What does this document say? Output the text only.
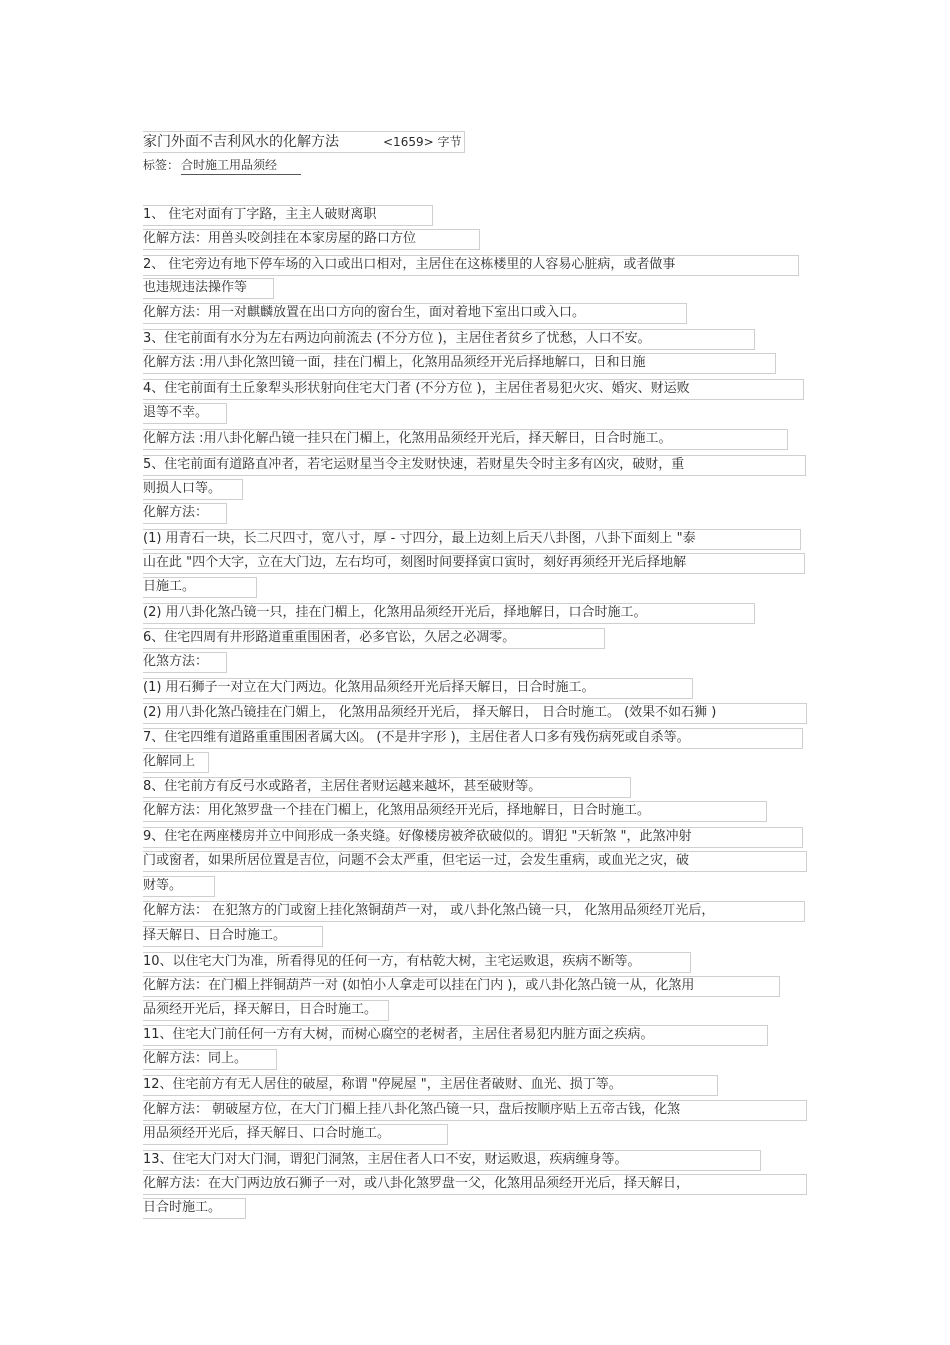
家门外面不吉利风水的化解方法	<1659> 字节
标签： 合时施工用品须经
1、 住宅对面有丁字路，主主人破财离职
化解方法：用兽头咬剑挂在本家房屋的路口方位
2、 住宅旁边有地下停车场的入口或出口相对，主居住在这栋楼里的人容易心脏病，或者做事
也违规违法操作等
化解方法：用一对麒麟放置在出口方向的窗台生，面对着地下室出口或入口。
3、住宅前面有水分为左右两边向前流去 (不分方位 )，主居住者贫乡了忧愁，人口不安。
化解方法 :用八卦化煞凹镜一面，挂在门楣上，化煞用品须经开光后择地解口，日和日施
4、住宅前面有土丘象犁头形状射向住宅大门者 (不分方位 )，主居住者易犯火灾、婚灾、财运败
退等不幸。
化解方法 :用八卦化解凸镜一挂只在门楣上，化煞用品须经开光后，择天解日，日合时施工。
5、住宅前面有道路直冲者，若宅运财星当令主发财快速，若财星失令时主多有凶灾，破财，重
则损人口等。
化解方法：
(1) 用青石一块，长二尺四寸，宽八寸，厚 - 寸四分，最上边刻上后天八卦图，八卦下面刻上 "泰
山在此 "四个大字，立在大门边，左右均可，刻图时间要择寅口寅时，刻好再须经开光后择地解
日施工。
(2) 用八卦化煞凸镜一只，挂在门楣上，化煞用品须经开光后，择地解日，口合时施工。
6、住宅四周有井形路道重重围困者，必多官讼，久居之必凋零。
化煞方法：
(1) 用石狮子一对立在大门两边。化煞用品须经开光后择天解日，日合时施工。
(2) 用八卦化煞凸镜挂在门媚上， 化煞用品须经开光后， 择天解日， 日合时施工。 (效果不如石狮 )
7、住宅四维有道路重重围困者属大凶。 (不是井字形 )，主居住者人口多有残伤病死或自杀等。
化解同上
8、住宅前方有反弓水或路者，主居住者财运越来越坏，甚至破财等。
化解方法：用化煞罗盘一个挂在门楣上，化煞用品须经开光后，择地解日，日合时施工。
9、住宅在两座楼房并立中间形成一条夹缝。好像楼房被斧砍破似的。谓犯 "天斩煞 "，此煞冲射
门或窗者，如果所居位置是吉位，问题不会太严重，但宅运一过，会发生重病，或血光之灾，破
财等。
化解方法： 在犯煞方的门或窗上挂化煞铜葫芦一对， 或八卦化煞凸镜一只， 化煞用品须经丌光后，
择天解日、日合时施工。
10、以住宅大门为准，所看得见的任何一方，有枯乾大树，主宅运败退，疾病不断等。
化解方法：在门楣上拌铜葫芦一对 (如怕小人拿走可以挂在门内 )，或八卦化煞凸镜一从，化煞用
品须经开光后，择天解日，日合时施工。
11、住宅大门前任何一方有大树，而树心腐空的老树者，主居住者易犯内脏方面之疾病。
化解方法：同上。
12、住宅前方有无人居住的破屋，称谓 "停屍屋 "，主居住者破财、血光、损丁等。
化解方法： 朝破屋方位，在大门门楣上挂八卦化煞凸镜一只，盘后按顺序贴上五帝古钱，化煞
用品须经开光后，择天解日、口合时施工。
13、住宅大门对大门洞，谓犯门洞煞，主居住者人口不安，财运败退，疾病缠身等。
化解方法：在大门两边放石狮子一对，或八卦化煞罗盘一父，化煞用品须经开光后，择天解日，
日合时施工。
